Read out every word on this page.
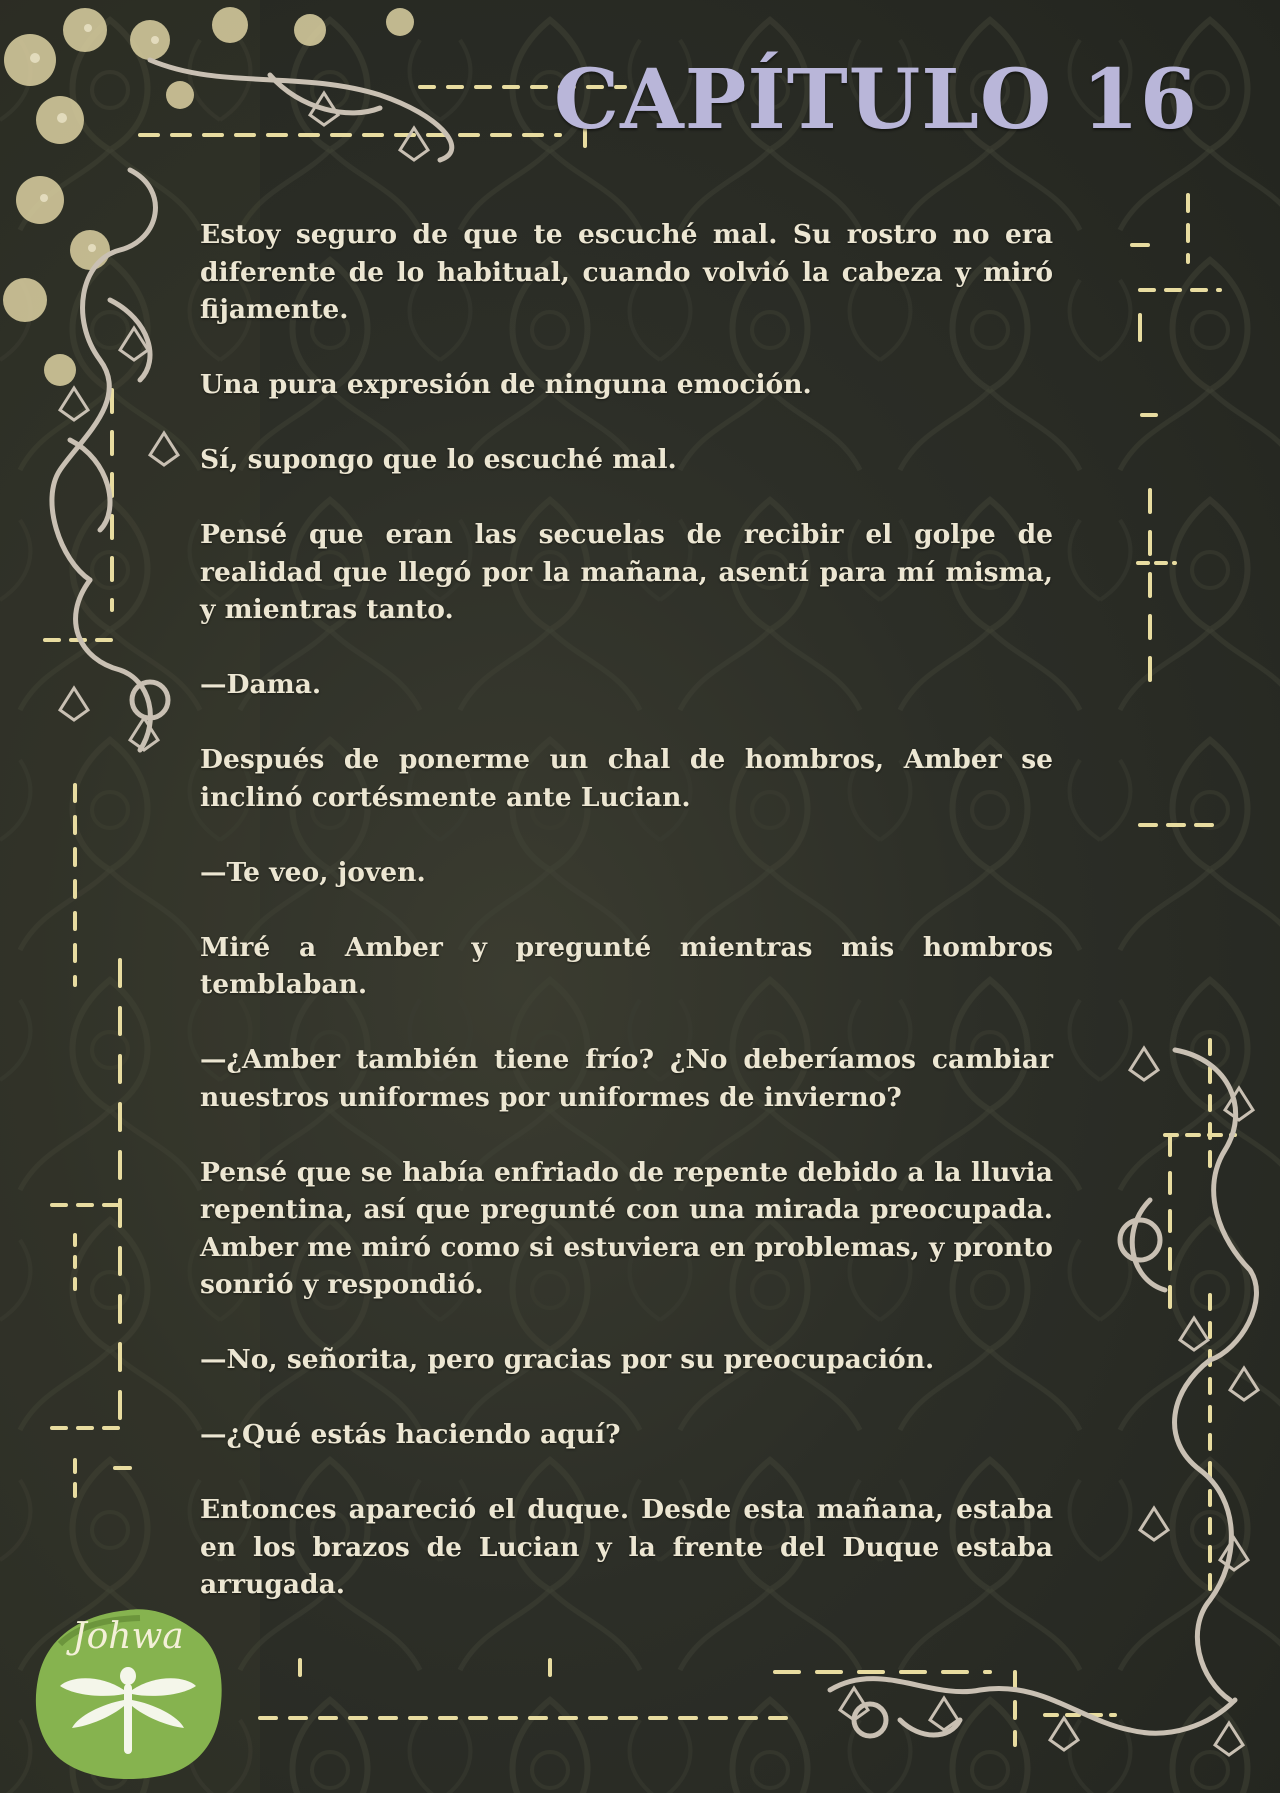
CAPÍTULO 16

Estoy seguro de que te escuché mal. Su rostro no era diferente de lo habitual, cuando volvió la cabeza y miró fijamente.

Una pura expresión de ninguna emoción.

Sí, supongo que lo escuché mal.

Pensé que eran las secuelas de recibir el golpe de realidad que llegó por la mañana, asentí para mí misma, y mientras tanto.

—Dama.

Después de ponerme un chal de hombros, Amber se inclinó cortésmente ante Lucian.

—Te veo, joven.

Miré a Amber y pregunté mientras mis hombros temblaban.

—¿Amber también tiene frío? ¿No deberíamos cambiar nuestros uniformes por uniformes de invierno?

Pensé que se había enfriado de repente debido a la lluvia repentina, así que pregunté con una mirada preocupada. Amber me miró como si estuviera en problemas, y pronto sonrió y respondió.

—No, señorita, pero gracias por su preocupación.

—¿Qué estás haciendo aquí?

Entonces apareció el duque. Desde esta mañana, estaba en los brazos de Lucian y la frente del Duque estaba arrugada.

Johwa
